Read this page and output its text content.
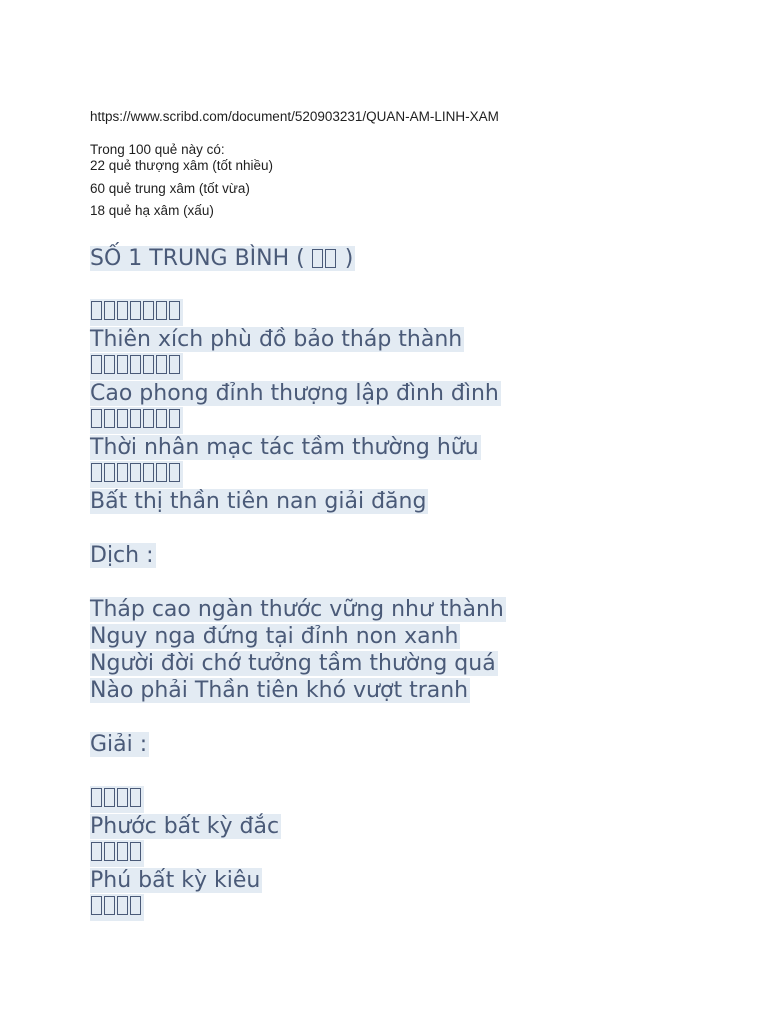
https://www.scribd.com/document/520903231/QUAN-AM-LINH-XAM
Trong 100 quẻ này có:
22 quẻ thượng xâm (tốt nhiều)
60 quẻ trung xâm (tốt vừa)
18 quẻ hạ xâm (xấu)
SỐ 1 TRUNG BÌNH ( )
Thiên xích phù đồ bảo tháp thành
Cao phong đỉnh thượng lập đình đình
Thời nhân mạc tác tầm thường hữu
Bất thị thần tiên nan giải đăng
Dịch :
Tháp cao ngàn thước vững như thành
Nguy nga đứng tại đỉnh non xanh
Người đời chớ tưởng tầm thường quá
Nào phải Thần tiên khó vượt tranh
Giải :
Phước bất kỳ đắc
Phú bất kỳ kiêu
